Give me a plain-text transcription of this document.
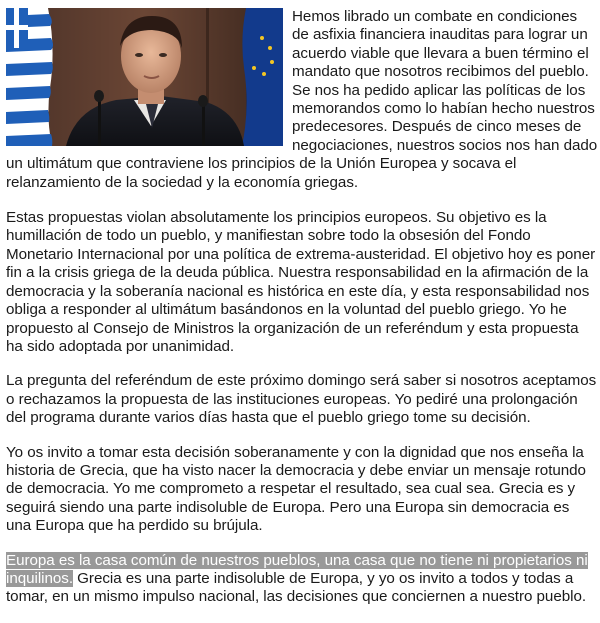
Hemos librado un combate en condiciones de asfixia financiera inauditas para lograr un acuerdo viable que llevara a buen término el mandato que nosotros recibimos del pueblo. Se nos ha pedido aplicar las políticas de los memorandos como lo habían hecho nuestros predecesores. Después de cinco meses de negociaciones, nuestros socios nos han dado un ultimátum que contraviene los principios de la Unión Europea y socava el relanzamiento de la sociedad y la economía griegas.

Estas propuestas violan absolutamente los principios europeos. Su objetivo es la humillación de todo un pueblo, y manifiestan sobre todo la obsesión del Fondo Monetario Internacional por una política de extrema-austeridad. El objetivo hoy es poner fin a la crisis griega de la deuda pública. Nuestra responsabilidad en la afirmación de la democracia y la soberanía nacional es histórica en este día, y esta responsabilidad nos obliga a responder al ultimátum basándonos en la voluntad del pueblo griego. Yo he propuesto al Consejo de Ministros la organización de un referéndum y esta propuesta ha sido adoptada por unanimidad.

La pregunta del referéndum de este próximo domingo será saber si nosotros aceptamos o rechazamos la propuesta de las instituciones europeas. Yo pediré una prolongación del programa durante varios días hasta que el pueblo griego tome su decisión.

Yo os invito a tomar esta decisión soberanamente y con la dignidad que nos enseña la historia de Grecia, que ha visto nacer la democracia y debe enviar un mensaje rotundo de democracia. Yo me comprometo a respetar el resultado, sea cual sea. Grecia es y seguirá siendo una parte indisoluble de Europa. Pero una Europa sin democracia es una Europa que ha perdido su brújula.

Europa es la casa común de nuestros pueblos, una casa que no tiene ni propietarios ni inquilinos. Grecia es una parte indisoluble de Europa, y yo os invito a todos y todas a tomar, en un mismo impulso nacional, las decisiones que conciernen a nuestro pueblo.
